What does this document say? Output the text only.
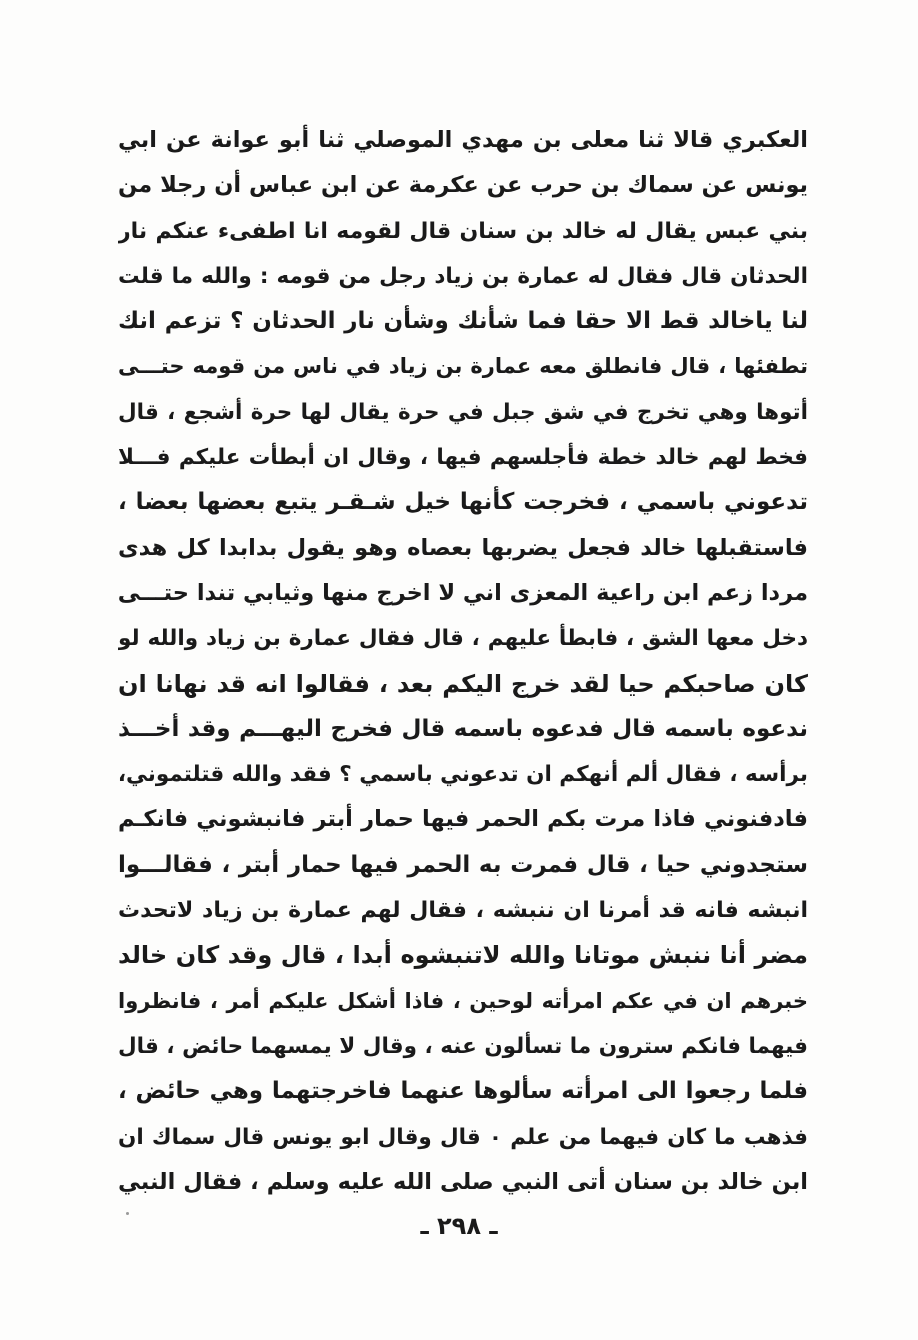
العكبري قالا ثنا معلى بن مهدي الموصلي ثنا أبو عوانة عن ابي
يونس عن سماك بن حرب عن عكرمة عن ابن عباس أن رجلا من
بني عبس يقال له خالد بن سنان قال لقومه انا اطفىء عنكم نار
الحدثان قال فقال له عمارة بن زياد رجل من قومه : والله ما قلت
لنا ياخالد قط الا حقا فما شأنك وشأن نار الحدثان ؟ تزعم انك
تطفئها ، قال فانطلق معه عمارة بن زياد في ناس من قومه حتـــى
أتوها وهي تخرج في شق جبل في حرة يقال لها حرة أشجع ، قال
فخط لهم خالد خطة فأجلسهم فيها ، وقال ان أبطأت عليكم فـــلا
تدعوني باسمي ، فخرجت كأنها خيل شـقـر يتبع بعضها بعضا ،
فاستقبلها خالد فجعل يضربها بعصاه وهو يقول بدابدا كل هدى
مردا زعم ابن راعية المعزى اني لا اخرج منها وثيابي تندا حتـــى
دخل معها الشق ، فابطأ عليهم ، قال فقال عمارة بن زياد والله لو
كان صاحبكم حيا لقد خرج اليكم بعد ، فقالوا انه قد نهانا ان
ندعوه باسمه قال فدعوه باسمه قال فخرج اليهـــم وقد أخـــذ
برأسه ، فقال ألم أنهكم ان تدعوني باسمي ؟ فقد والله قتلتموني،
فادفنوني فاذا مرت بكم الحمر فيها حمار أبتر فانبشوني فانكـم
ستجدوني حيا ، قال فمرت به الحمر فيها حمار أبتر ، فقالـــوا
انبشه فانه قد أمرنا ان ننبشه ، فقال لهم عمارة بن زياد لاتحدث
مضر أنا ننبش موتانا والله لاتنبشوه أبدا ، قال وقد كان خالد
خبرهم ان في عكم امرأته لوحين ، فاذا أشكل عليكم أمر ، فانظروا
فيهما فانكم سترون ما تسألون عنه ، وقال لا يمسهما حائض ، قال
فلما رجعوا الى امرأته سألوها عنهما فاخرجتهما وهي حائض ،
فذهب ما كان فيهما من علم ٠ قال وقال ابو يونس قال سماك ان
ابن خالد بن سنان أتى النبي صلى الله عليه وسلم ، فقال النبي
ـ ٢٩٨ ـ
